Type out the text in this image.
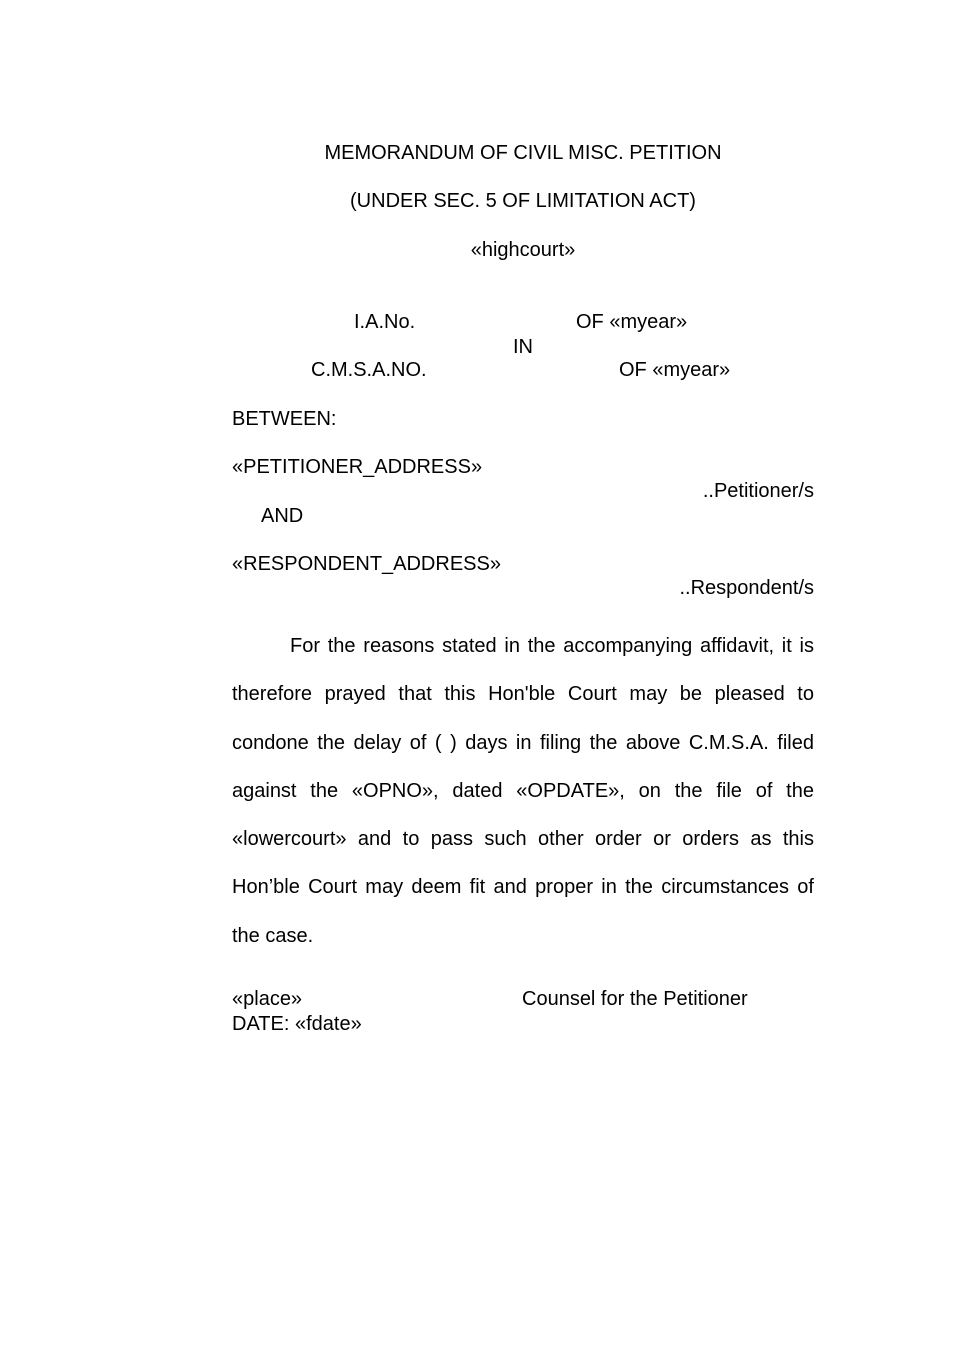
MEMORANDUM OF CIVIL MISC. PETITION
(UNDER SEC. 5 OF LIMITATION ACT)
«highcourt»
I.A.No.	OF «myear»
IN
C.M.S.A.NO.	OF «myear»
BETWEEN:
«PETITIONER_ADDRESS»
..Petitioner/s
AND
«RESPONDENT_ADDRESS»
..Respondent/s
For the reasons stated in the accompanying affidavit, it is therefore prayed that this Hon'ble Court may be pleased to condone the delay of ( ) days in filing the above C.M.S.A. filed against the «OPNO», dated «OPDATE», on the file of the «lowercourt» and to pass such other order or orders as this Hon’ble Court may deem fit and proper in the circumstances of the case.
«place»	Counsel for the Petitioner
DATE: «fdate»
